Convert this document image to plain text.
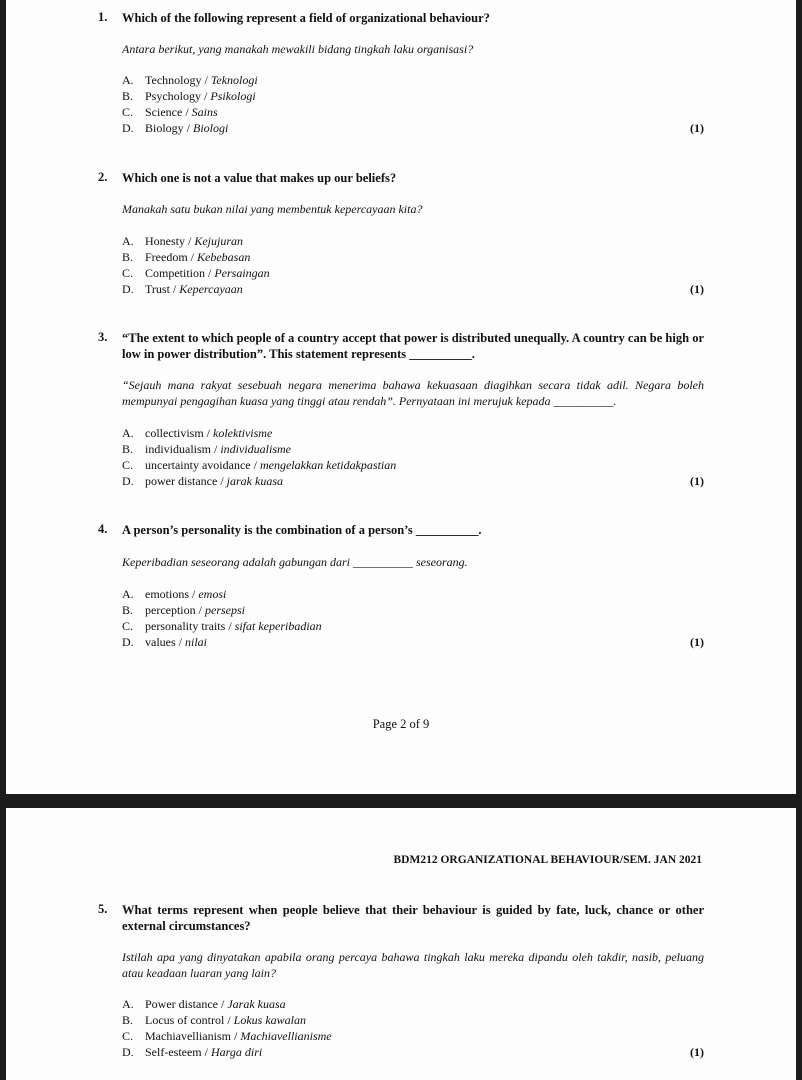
1. Which of the following represent a field of organizational behaviour?
Antara berikut, yang manakah mewakili bidang tingkah laku organisasi?
A. Technology / Teknologi
B. Psychology / Psikologi
C. Science / Sains
D. Biology / Biologi	(1)
2. Which one is not a value that makes up our beliefs?
Manakah satu bukan nilai yang membentuk kepercayaan kita?
A. Honesty / Kejujuran
B. Freedom / Kebebasan
C. Competition / Persaingan
D. Trust / Kepercayaan	(1)
3. “The extent to which people of a country accept that power is distributed unequally. A country can be high or low in power distribution”. This statement represents __________.
“Sejauh mana rakyat sesebuah negara menerima bahawa kekuasaan diagihkan secara tidak adil. Negara boleh mempunyai pengagihan kuasa yang tinggi atau rendah”. Pernyataan ini merujuk kepada __________.
A. collectivism / kolektivisme
B. individualism / individualisme
C. uncertainty avoidance / mengelakkan ketidakpastian
D. power distance / jarak kuasa	(1)
4. A person’s personality is the combination of a person’s __________.
Keperibadian seseorang adalah gabungan dari __________ seseorang.
A. emotions / emosi
B. perception / persepsi
C. personality traits / sifat keperibadian
D. values / nilai	(1)
Page 2 of 9
BDM212 ORGANIZATIONAL BEHAVIOUR/SEM. JAN 2021
5. What terms represent when people believe that their behaviour is guided by fate, luck, chance or other external circumstances?
Istilah apa yang dinyatakan apabila orang percaya bahawa tingkah laku mereka dipandu oleh takdir, nasib, peluang atau keadaan luaran yang lain?
A. Power distance / Jarak kuasa
B. Locus of control / Lokus kawalan
C. Machiavellianism / Machiavellianisme
D. Self-esteem / Harga diri	(1)
